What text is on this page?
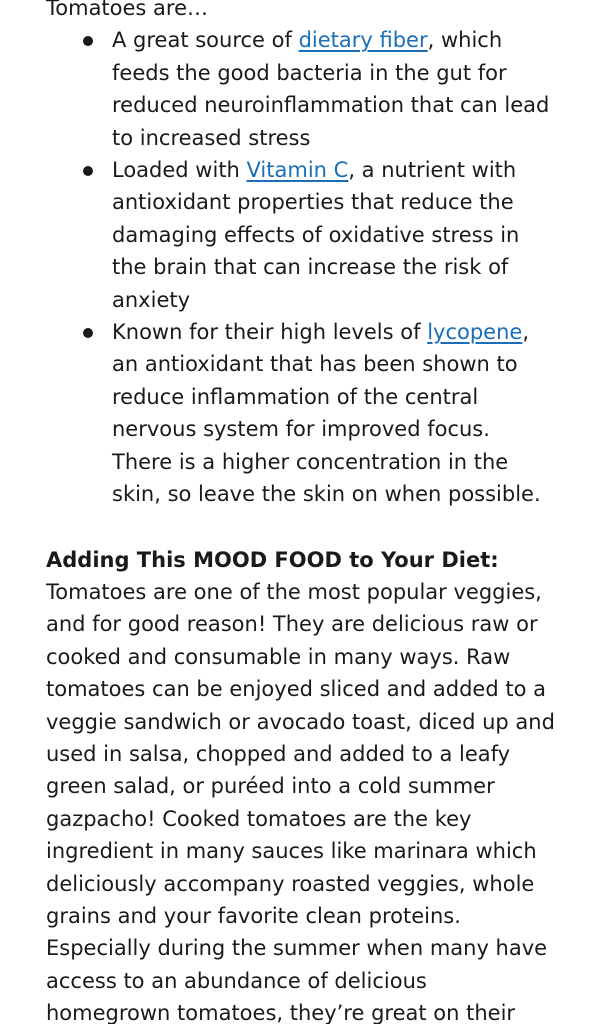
Tomatoes are…

A great source of dietary fiber, which feeds the good bacteria in the gut for reduced neuroinflammation that can lead to increased stress
Loaded with Vitamin C, a nutrient with antioxidant properties that reduce the damaging effects of oxidative stress in the brain that can increase the risk of anxiety
Known for their high levels of lycopene, an antioxidant that has been shown to reduce inflammation of the central nervous system for improved focus. There is a higher concentration in the skin, so leave the skin on when possible.

Adding This MOOD FOOD to Your Diet:

Tomatoes are one of the most popular veggies, and for good reason! They are delicious raw or cooked and consumable in many ways. Raw tomatoes can be enjoyed sliced and added to a veggie sandwich or avocado toast, diced up and used in salsa, chopped and added to a leafy green salad, or puréed into a cold summer gazpacho! Cooked tomatoes are the key ingredient in many sauces like marinara which deliciously accompany roasted veggies, whole grains and your favorite clean proteins. Especially during the summer when many have access to an abundance of delicious homegrown tomatoes, they’re great on their
